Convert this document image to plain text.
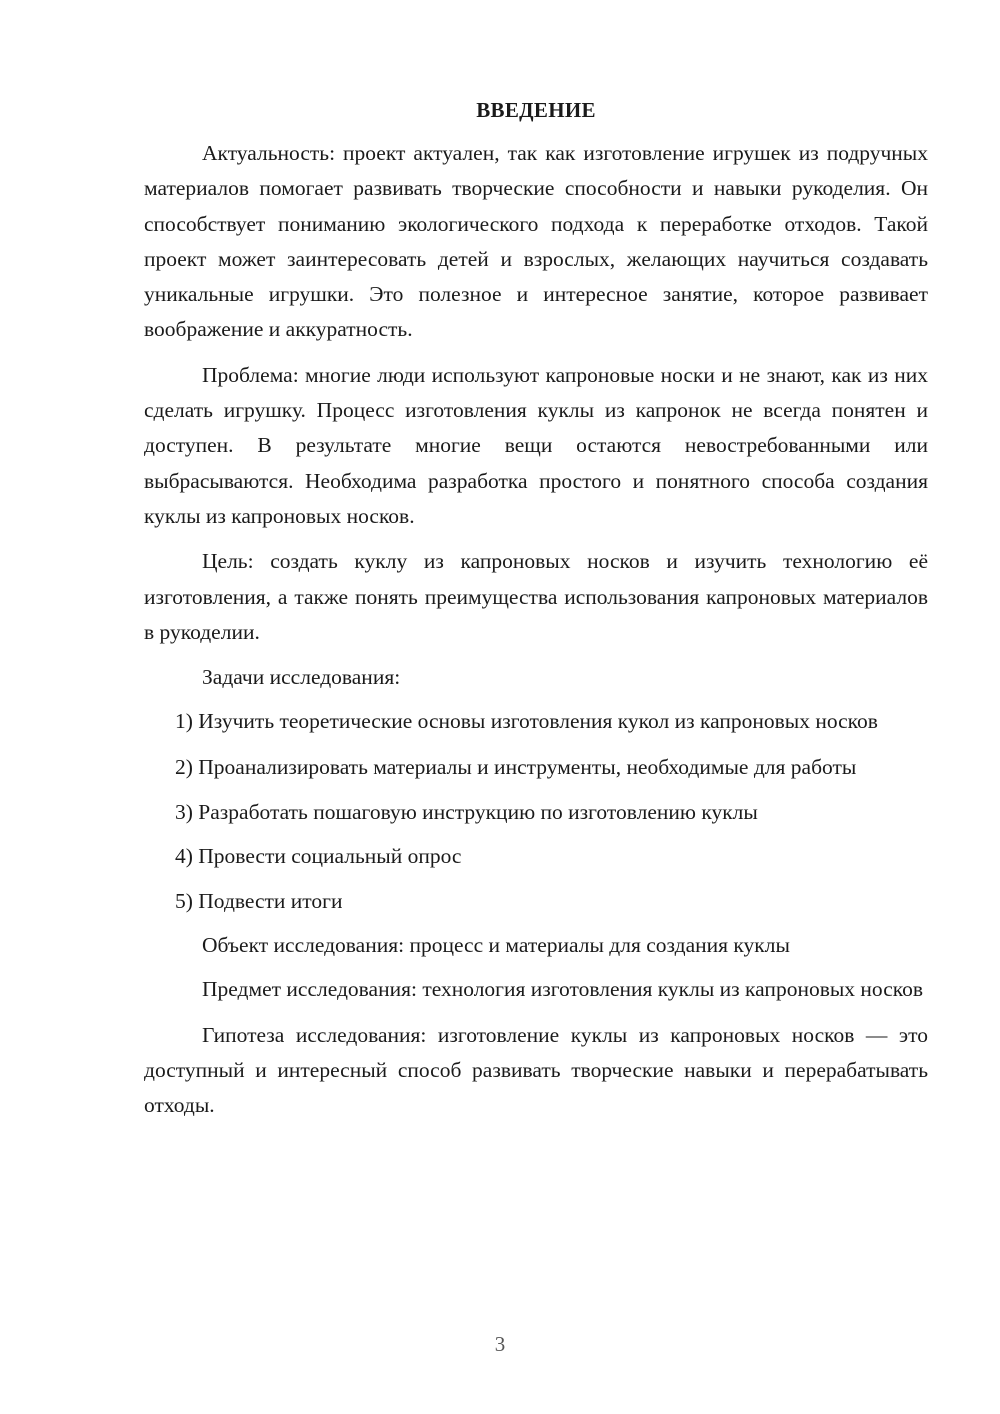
ВВЕДЕНИЕ

Актуальность: проект актуален, так как изготовление игрушек из подручных материалов помогает развивать творческие способности и навыки рукоделия. Он способствует пониманию экологического подхода к переработке отходов. Такой проект может заинтересовать детей и взрослых, желающих научиться создавать уникальные игрушки. Это полезное и интересное занятие, которое развивает воображение и аккуратность.

Проблема: многие люди используют капроновые носки и не знают, как из них сделать игрушку. Процесс изготовления куклы из капронок не всегда понятен и доступен. В результате многие вещи остаются невостребованными или выбрасываются. Необходима разработка простого и понятного способа создания куклы из капроновых носков.

Цель: создать куклу из капроновых носков и изучить технологию её изготовления, а также понять преимущества использования капроновых материалов в рукоделии.

Задачи исследования:

1) Изучить теоретические основы изготовления кукол из капроновых носков

2) Проанализировать материалы и инструменты, необходимые для работы

3) Разработать пошаговую инструкцию по изготовлению куклы

4) Провести социальный опрос

5) Подвести итоги

Объект исследования: процесс и материалы для создания куклы

Предмет исследования: технология изготовления куклы из капроновых носков

Гипотеза исследования: изготовление куклы из капроновых носков — это доступный и интересный способ развивать творческие навыки и перерабатывать отходы.

3
